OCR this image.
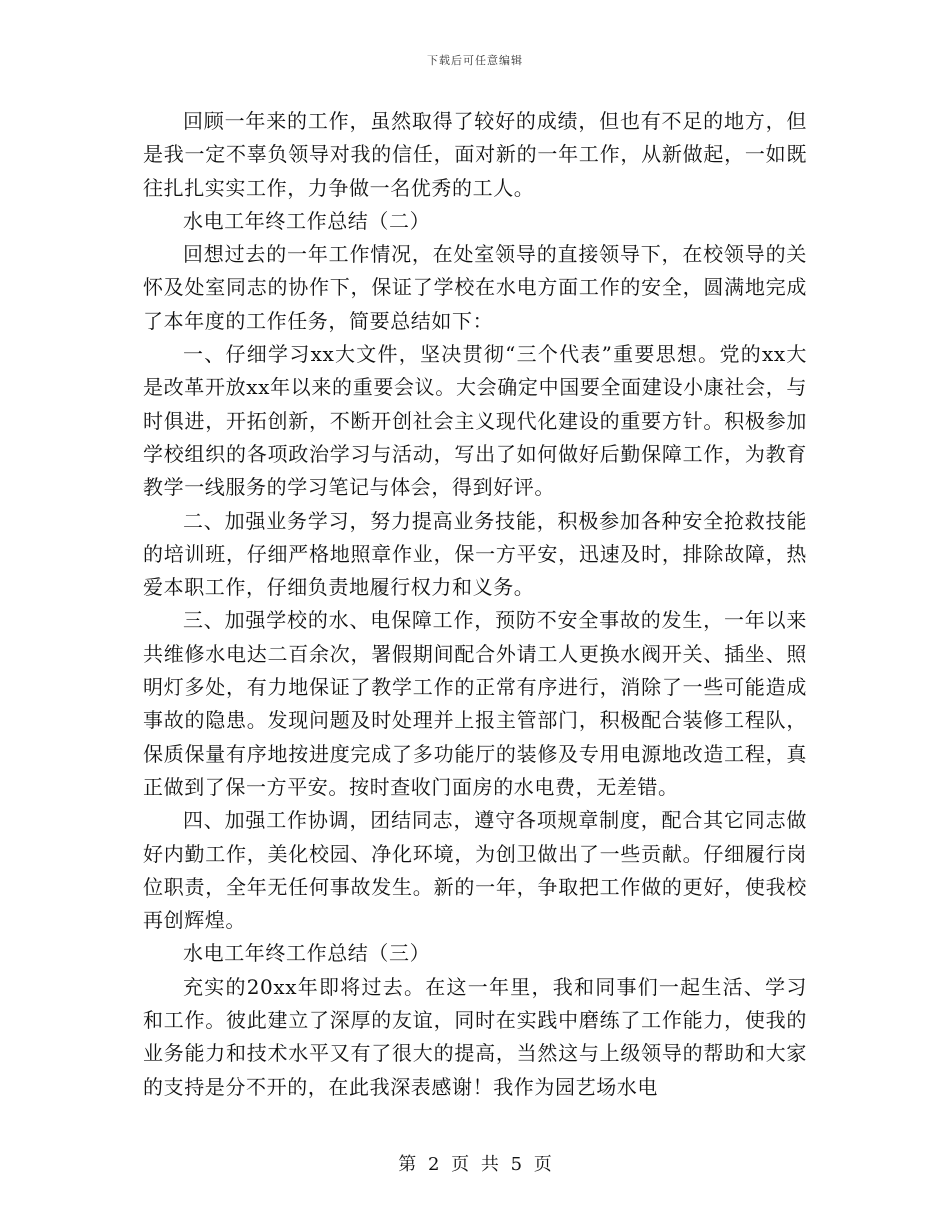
下载后可任意编辑

回顾一年来的工作，虽然取得了较好的成绩，但也有不足的地方，但是我一定不辜负领导对我的信任，面对新的一年工作，从新做起，一如既往扎扎实实工作，力争做一名优秀的工人。

水电工年终工作总结（二）

回想过去的一年工作情况，在处室领导的直接领导下，在校领导的关怀及处室同志的协作下，保证了学校在水电方面工作的安全，圆满地完成了本年度的工作任务，简要总结如下：

一、仔细学习xx大文件，坚决贯彻“三个代表”重要思想。党的xx大是改革开放xx年以来的重要会议。大会确定中国要全面建设小康社会，与时俱进，开拓创新，不断开创社会主义现代化建设的重要方针。积极参加学校组织的各项政治学习与活动，写出了如何做好后勤保障工作，为教育教学一线服务的学习笔记与体会，得到好评。

二、加强业务学习，努力提高业务技能，积极参加各种安全抢救技能的培训班，仔细严格地照章作业，保一方平安，迅速及时，排除故障，热爱本职工作，仔细负责地履行权力和义务。

三、加强学校的水、电保障工作，预防不安全事故的发生，一年以来共维修水电达二百余次，署假期间配合外请工人更换水阀开关、插坐、照明灯多处，有力地保证了教学工作的正常有序进行，消除了一些可能造成事故的隐患。发现问题及时处理并上报主管部门，积极配合装修工程队，保质保量有序地按进度完成了多功能厅的装修及专用电源地改造工程，真正做到了保一方平安。按时查收门面房的水电费，无差错。

四、加强工作协调，团结同志，遵守各项规章制度，配合其它同志做好内勤工作，美化校园、净化环境，为创卫做出了一些贡献。仔细履行岗位职责，全年无任何事故发生。新的一年，争取把工作做的更好，使我校再创辉煌。

水电工年终工作总结（三）

充实的20xx年即将过去。在这一年里，我和同事们一起生活、学习和工作。彼此建立了深厚的友谊，同时在实践中磨练了工作能力，使我的业务能力和技术水平又有了很大的提高，当然这与上级领导的帮助和大家的支持是分不开的，在此我深表感谢！我作为园艺场水电

第 2 页 共 5 页
